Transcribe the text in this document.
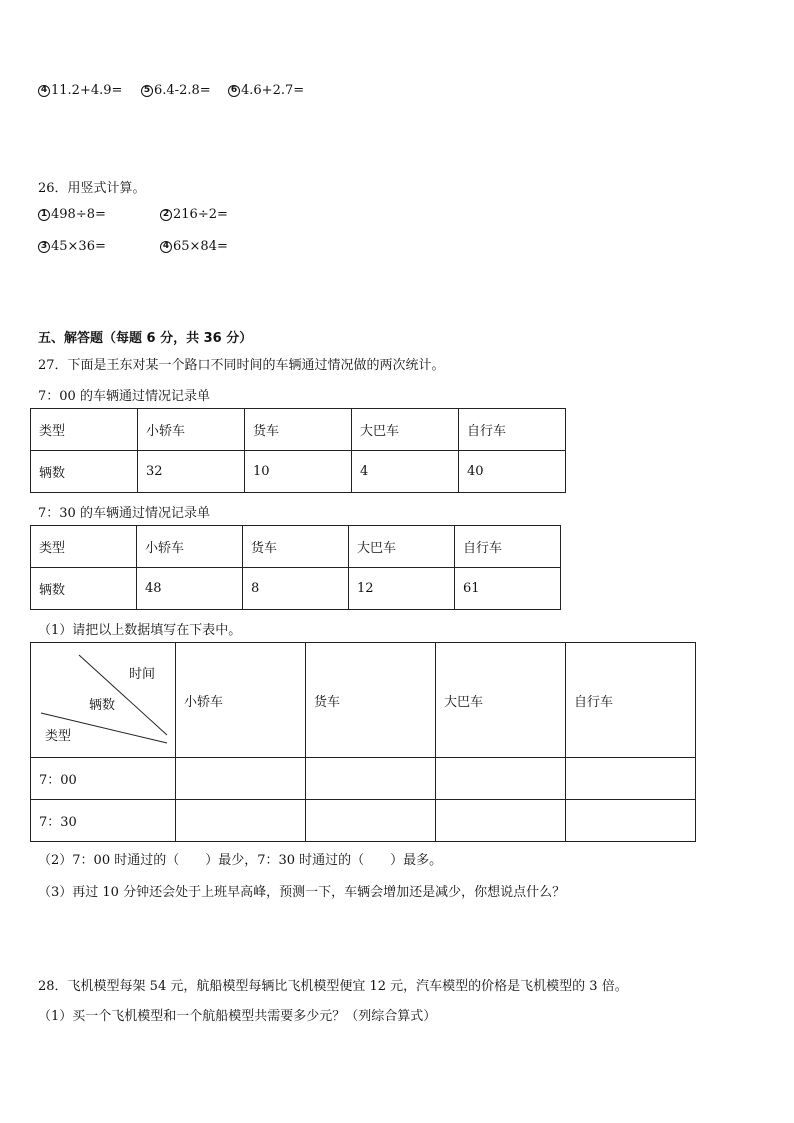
4 11.2+4.9=	5 6.4-2.8=	6 4.6+2.7=
26．用竖式计算。
1 498÷8=	2 216÷2=
3 45×36=	4 65×84=
五、解答题（每题 6 分，共 36 分）
27．下面是王东对某一个路口不同时间的车辆通过情况做的两次统计。
7：00 的车辆通过情况记录单
类型	小轿车	货车	大巴车	自行车
辆数	32	10	4	40
7：30 的车辆通过情况记录单
类型	小轿车	货车	大巴车	自行车
辆数	48	8	12	61
（1）请把以上数据填写在下表中。
时间
辆数
类型	小轿车	货车	大巴车	自行车
7：00				
7：30				
（2）7：00 时通过的（　　）最少，7：30 时通过的（　　）最多。
（3）再过 10 分钟还会处于上班早高峰，预测一下，车辆会增加还是减少，你想说点什么？
28．飞机模型每架 54 元，航船模型每辆比飞机模型便宜 12 元，汽车模型的价格是飞机模型的 3 倍。
（1）买一个飞机模型和一个航船模型共需要多少元？（列综合算式）
